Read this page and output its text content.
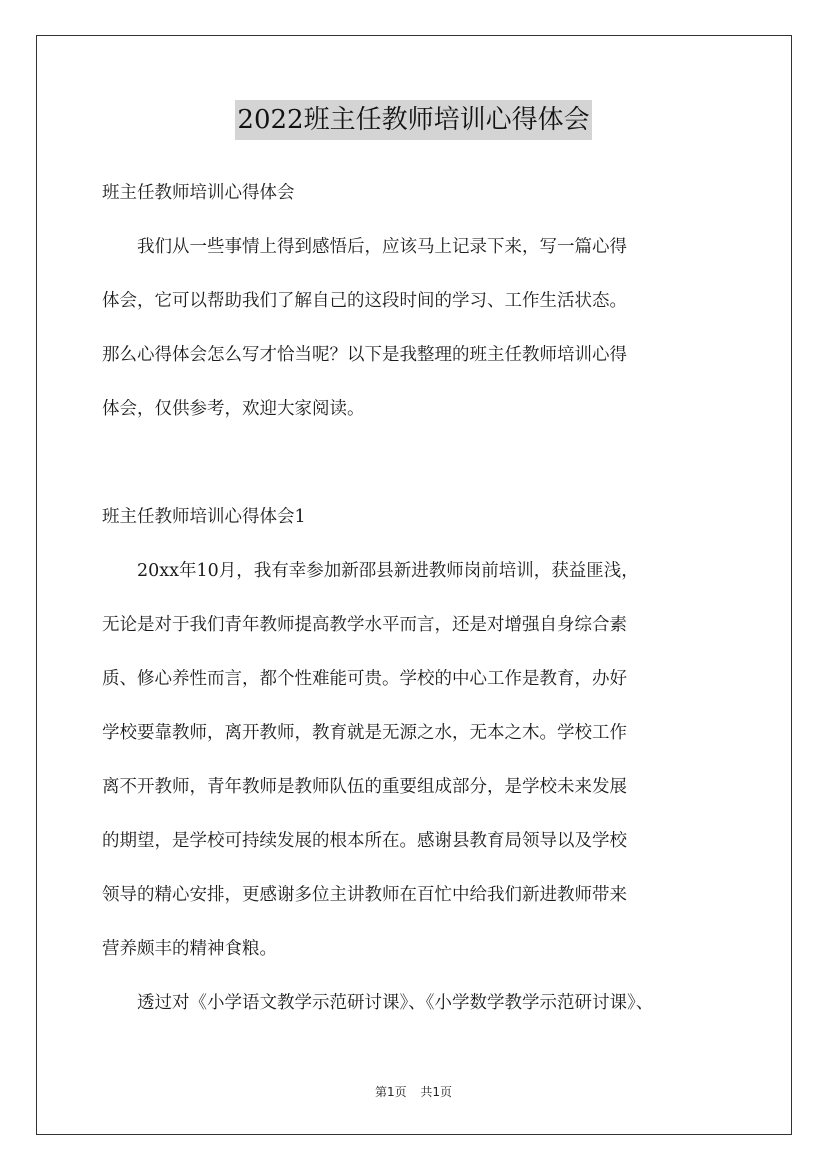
2022班主任教师培训心得体会

班主任教师培训心得体会

我们从一些事情上得到感悟后，应该马上记录下来，写一篇心得
体会，它可以帮助我们了解自己的这段时间的学习、工作生活状态。
那么心得体会怎么写才恰当呢？以下是我整理的班主任教师培训心得
体会，仅供参考，欢迎大家阅读。

班主任教师培训心得体会1

20xx年10月，我有幸参加新邵县新进教师岗前培训，获益匪浅，
无论是对于我们青年教师提高教学水平而言，还是对增强自身综合素
质、修心养性而言，都个性难能可贵。学校的中心工作是教育，办好
学校要靠教师，离开教师，教育就是无源之水，无本之木。学校工作
离不开教师，青年教师是教师队伍的重要组成部分，是学校未来发展
的期望，是学校可持续发展的根本所在。感谢县教育局领导以及学校
领导的精心安排，更感谢多位主讲教师在百忙中给我们新进教师带来
营养颇丰的精神食粮。

透过对《小学语文教学示范研讨课》、《小学数学教学示范研讨课》、

第1页 共1页
